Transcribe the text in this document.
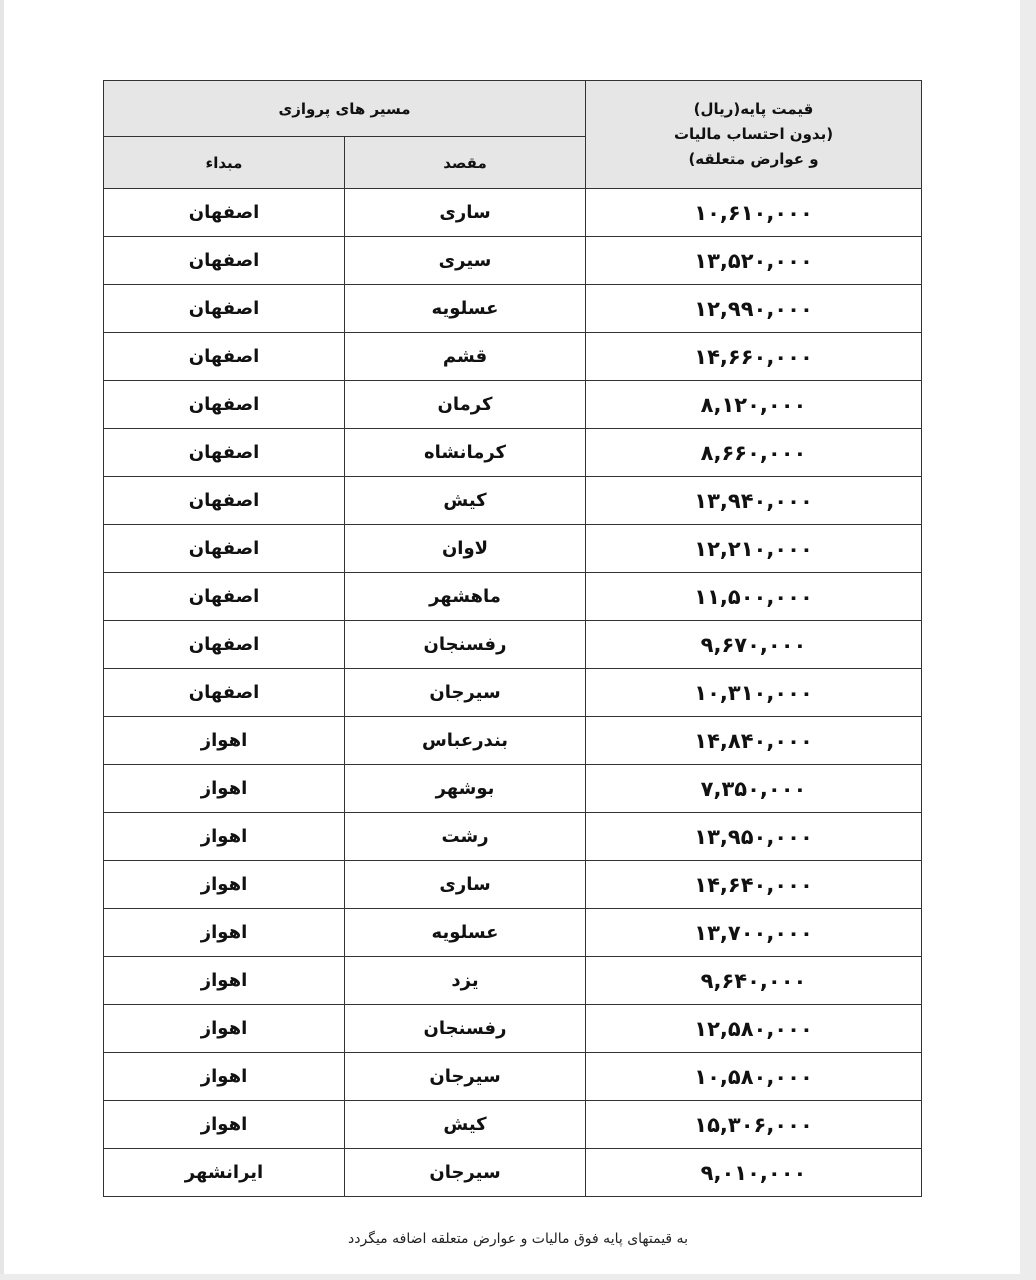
مسیر های پروازی		قیمت پایه(ریال)
(بدون احتساب مالیات
و عوارض متعلقه)

مبداء	مقصد	
اصفهان	ساری	۱۰,۶۱۰,۰۰۰
اصفهان	سیری	۱۳,۵۲۰,۰۰۰
اصفهان	عسلویه	۱۲,۹۹۰,۰۰۰
اصفهان	قشم	۱۴,۶۶۰,۰۰۰
اصفهان	کرمان	۸,۱۲۰,۰۰۰
اصفهان	کرمانشاه	۸,۶۶۰,۰۰۰
اصفهان	کیش	۱۳,۹۴۰,۰۰۰
اصفهان	لاوان	۱۲,۲۱۰,۰۰۰
اصفهان	ماهشهر	۱۱,۵۰۰,۰۰۰
اصفهان	رفسنجان	۹,۶۷۰,۰۰۰
اصفهان	سیرجان	۱۰,۳۱۰,۰۰۰
اهواز	بندرعباس	۱۴,۸۴۰,۰۰۰
اهواز	بوشهر	۷,۳۵۰,۰۰۰
اهواز	رشت	۱۳,۹۵۰,۰۰۰
اهواز	ساری	۱۴,۶۴۰,۰۰۰
اهواز	عسلویه	۱۳,۷۰۰,۰۰۰
اهواز	یزد	۹,۶۴۰,۰۰۰
اهواز	رفسنجان	۱۲,۵۸۰,۰۰۰
اهواز	سیرجان	۱۰,۵۸۰,۰۰۰
اهواز	کیش	۱۵,۳۰۶,۰۰۰
ایرانشهر	سیرجان	۹,۰۱۰,۰۰۰
به قیمتهای پایه فوق مالیات و عوارض متعلقه اضافه میگردد
